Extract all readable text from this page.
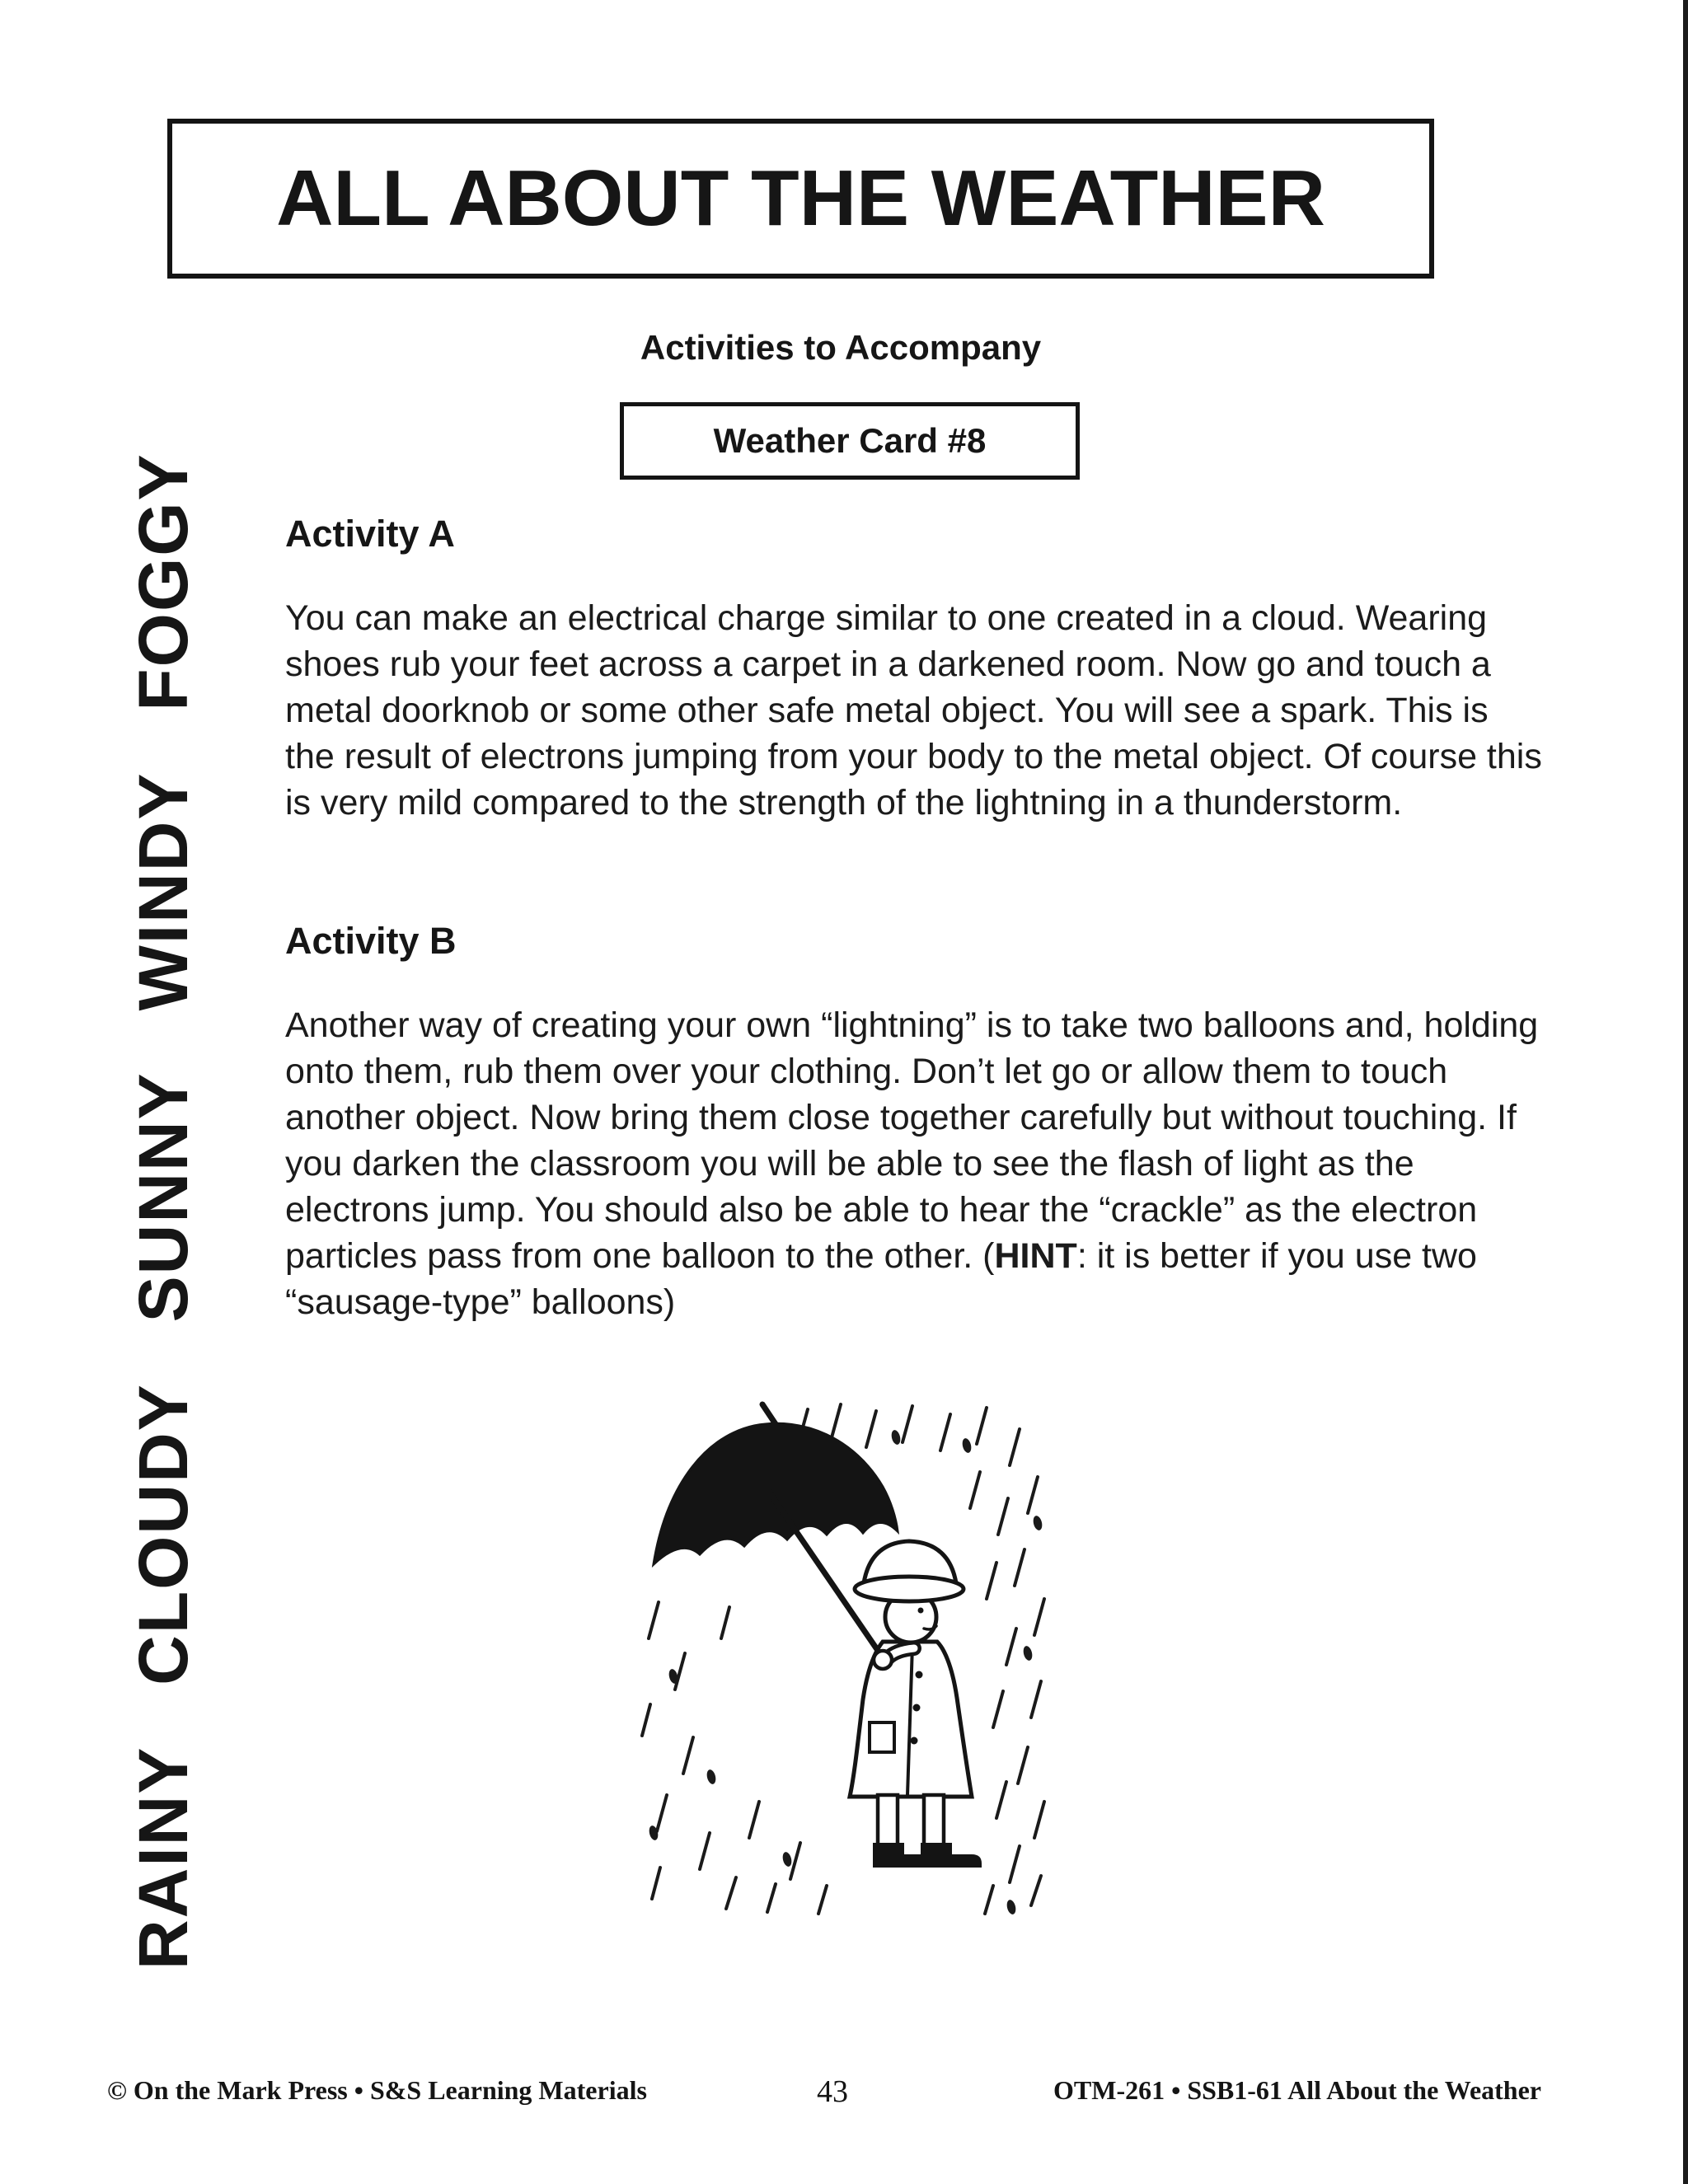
ALL ABOUT THE WEATHER
Activities to Accompany
Weather Card #8
Activity A

You can make an electrical charge similar to one created in a cloud. Wearing shoes rub your feet across a carpet in a darkened room. Now go and touch a metal doorknob or some other safe metal object. You will see a spark. This is the result of electrons jumping from your body to the metal object. Of course this is very mild compared to the strength of the lightning in a thunderstorm.

Activity B

Another way of creating your own “lightning” is to take two balloons and, holding onto them, rub them over your clothing. Don’t let go or allow them to touch another object. Now bring them close together carefully but without touching. If you darken the classroom you will be able to see the flash of light as the electrons jump. You should also be able to hear the “crackle” as the electron particles pass from one balloon to the other. (HINT: it is better if you use two “sausage-type” balloons)

RAINY CLOUDY SUNNY WINDY FOGGY
© On the Mark Press • S&S Learning Materials	43	OTM-261 • SSB1-61 All About the Weather
